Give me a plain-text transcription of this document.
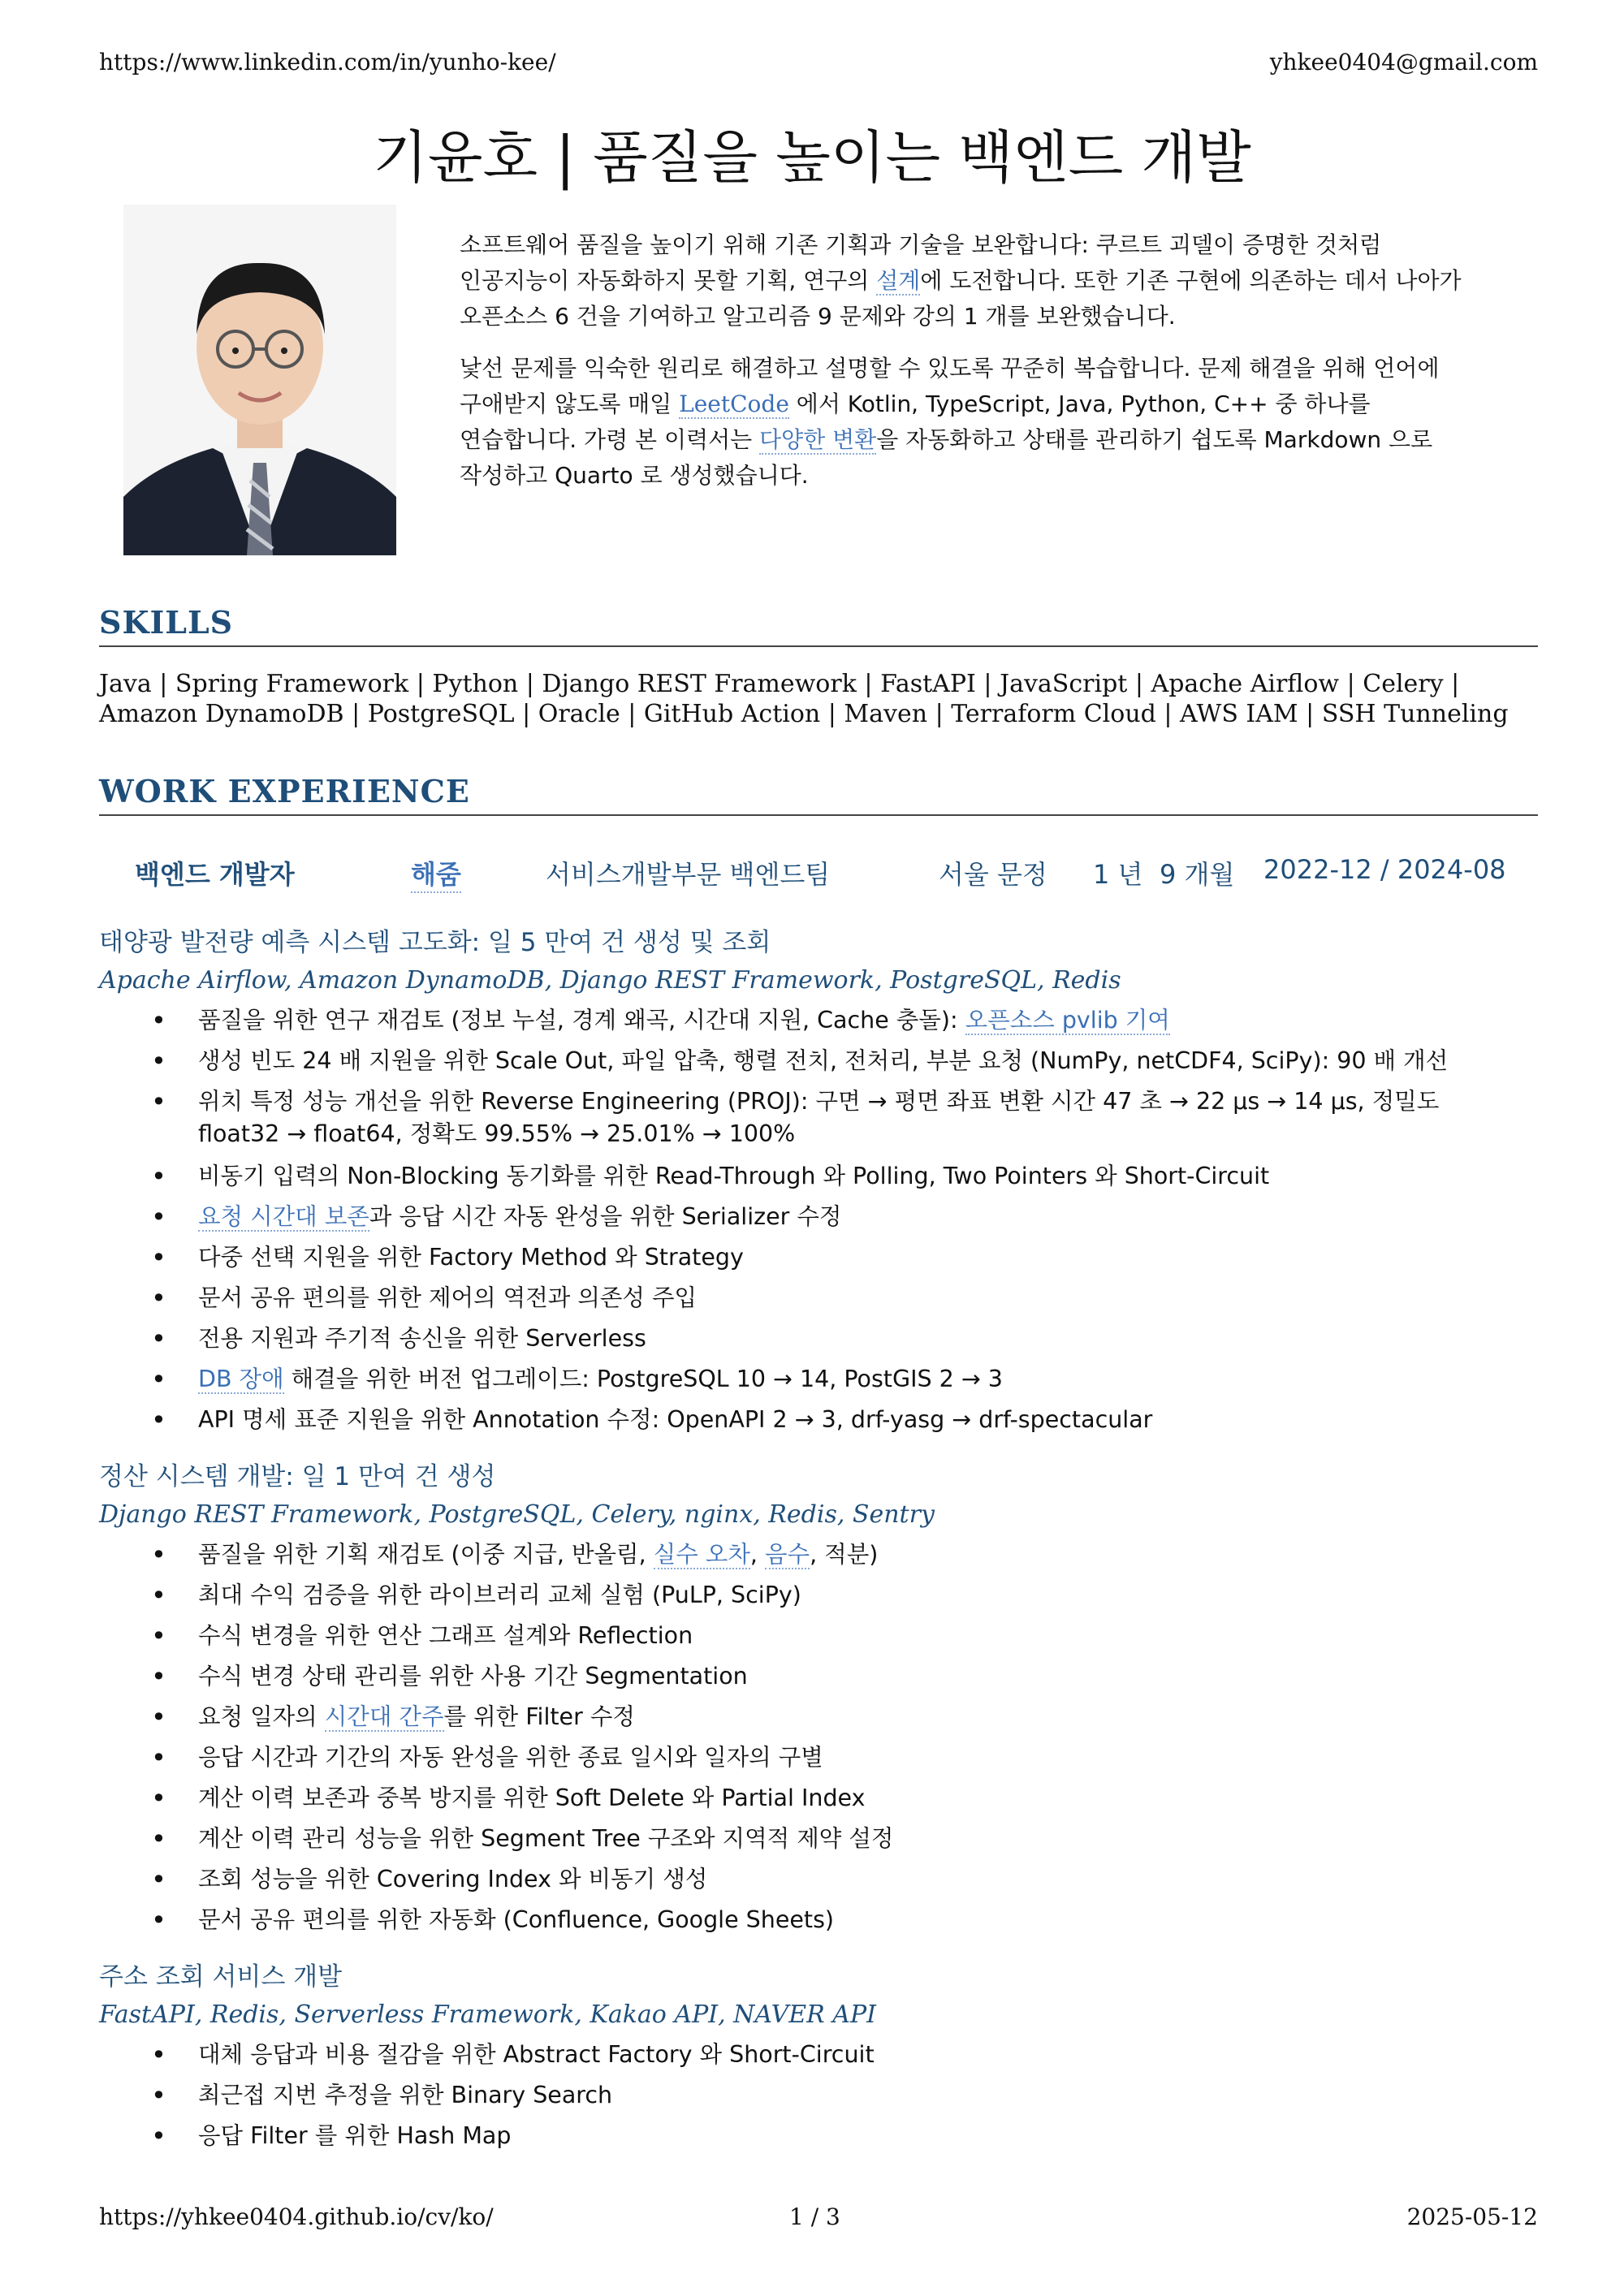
https://www.linkedin.com/in/yunho-kee/	yhkee0404@gmail.com
기윤호 | 품질을 높이는 백엔드 개발

소프트웨어 품질을 높이기 위해 기존 기획과 기술을 보완합니다: 쿠르트 괴델이 증명한 것처럼
인공지능이 자동화하지 못할 기획, 연구의 설계에 도전합니다. 또한 기존 구현에 의존하는 데서 나아가
오픈소스 6 건을 기여하고 알고리즘 9 문제와 강의 1 개를 보완했습니다.

낯선 문제를 익숙한 원리로 해결하고 설명할 수 있도록 꾸준히 복습합니다. 문제 해결을 위해 언어에
구애받지 않도록 매일 LeetCode 에서 Kotlin, TypeScript, Java, Python, C++ 중 하나를
연습합니다. 가령 본 이력서는 다양한 변환을 자동화하고 상태를 관리하기 쉽도록 Markdown 으로
작성하고 Quarto 로 생성했습니다.

SKILLS
Java | Spring Framework | Python | Django REST Framework | FastAPI | JavaScript | Apache Airflow | Celery |
Amazon DynamoDB | PostgreSQL | Oracle | GitHub Action | Maven | Terraform Cloud | AWS IAM | SSH Tunneling
WORK EXPERIENCE
백엔드 개발자	해줌	서비스개발부문 백엔드팀	서울 문정 1 년 9 개월 2022-12 / 2024-08

태양광 발전량 예측 시스템 고도화: 일 5 만여 건 생성 및 조회

Apache Airflow, Amazon DynamoDB, Django REST Framework, PostgreSQL, Redis

• 품질을 위한 연구 재검토 (정보 누설, 경계 왜곡, 시간대 지원, Cache 충돌): 오픈소스 pvlib 기여
• 생성 빈도 24 배 지원을 위한 Scale Out, 파일 압축, 행렬 전치, 전처리, 부분 요청 (NumPy, netCDF4, SciPy): 90 배 개선
• 위치 특정 성능 개선을 위한 Reverse Engineering (PROJ): 구면 → 평면 좌표 변환 시간 47 초 → 22 μs → 14 μs, 정밀도
float32 → float64, 정확도 99.55% → 25.01% → 100%
• 비동기 입력의 Non-Blocking 동기화를 위한 Read-Through 와 Polling, Two Pointers 와 Short-Circuit
• 요청 시간대 보존과 응답 시간 자동 완성을 위한 Serializer 수정
• 다중 선택 지원을 위한 Factory Method 와 Strategy
• 문서 공유 편의를 위한 제어의 역전과 의존성 주입
• 전용 지원과 주기적 송신을 위한 Serverless
• DB 장애 해결을 위한 버전 업그레이드: PostgreSQL 10 → 14, PostGIS 2 → 3
• API 명세 표준 지원을 위한 Annotation 수정: OpenAPI 2 → 3, drf-yasg → drf-spectacular

정산 시스템 개발: 일 1 만여 건 생성

Django REST Framework, PostgreSQL, Celery, nginx, Redis, Sentry

• 품질을 위한 기획 재검토 (이중 지급, 반올림, 실수 오차, 음수, 적분)
• 최대 수익 검증을 위한 라이브러리 교체 실험 (PuLP, SciPy)
• 수식 변경을 위한 연산 그래프 설계와 Reflection
• 수식 변경 상태 관리를 위한 사용 기간 Segmentation
• 요청 일자의 시간대 간주를 위한 Filter 수정
• 응답 시간과 기간의 자동 완성을 위한 종료 일시와 일자의 구별
• 계산 이력 보존과 중복 방지를 위한 Soft Delete 와 Partial Index
• 계산 이력 관리 성능을 위한 Segment Tree 구조와 지역적 제약 설정
• 조회 성능을 위한 Covering Index 와 비동기 생성
• 문서 공유 편의를 위한 자동화 (Confluence, Google Sheets)

주소 조회 서비스 개발

FastAPI, Redis, Serverless Framework, Kakao API, NAVER API

• 대체 응답과 비용 절감을 위한 Abstract Factory 와 Short-Circuit
• 최근접 지번 추정을 위한 Binary Search
• 응답 Filter 를 위한 Hash Map
https://yhkee0404.github.io/cv/ko/	1 / 3	2025-05-12
